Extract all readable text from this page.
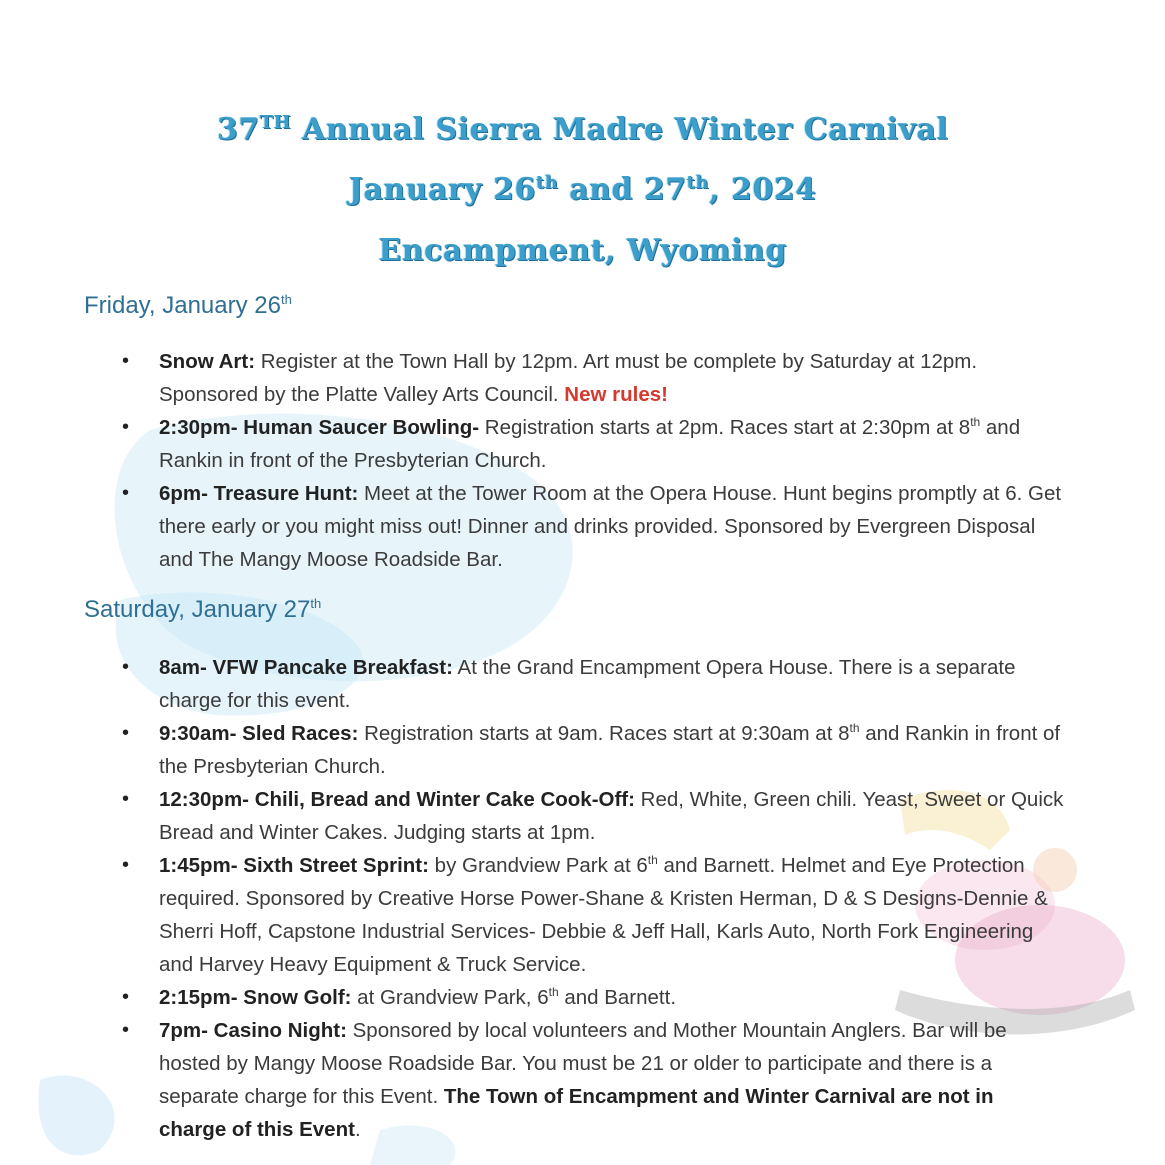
37TH Annual Sierra Madre Winter Carnival
January 26th and 27th, 2024
Encampment, Wyoming
Friday, January 26th
• Snow Art: Register at the Town Hall by 12pm. Art must be complete by Saturday at 12pm. Sponsored by the Platte Valley Arts Council. New rules!
• 2:30pm- Human Saucer Bowling- Registration starts at 2pm. Races start at 2:30pm at 8th and Rankin in front of the Presbyterian Church.
• 6pm- Treasure Hunt: Meet at the Tower Room at the Opera House. Hunt begins promptly at 6. Get there early or you might miss out! Dinner and drinks provided. Sponsored by Evergreen Disposal and The Mangy Moose Roadside Bar.
Saturday, January 27th
• 8am- VFW Pancake Breakfast: At the Grand Encampment Opera House. There is a separate charge for this event.
• 9:30am- Sled Races: Registration starts at 9am. Races start at 9:30am at 8th and Rankin in front of the Presbyterian Church.
• 12:30pm- Chili, Bread and Winter Cake Cook-Off: Red, White, Green chili. Yeast, Sweet or Quick Bread and Winter Cakes. Judging starts at 1pm.
• 1:45pm- Sixth Street Sprint: by Grandview Park at 6th and Barnett. Helmet and Eye Protection required. Sponsored by Creative Horse Power-Shane & Kristen Herman, D & S Designs-Dennie & Sherri Hoff, Capstone Industrial Services- Debbie & Jeff Hall, Karls Auto, North Fork Engineering and Harvey Heavy Equipment & Truck Service.
• 2:15pm- Snow Golf: at Grandview Park, 6th and Barnett.
• 7pm- Casino Night: Sponsored by local volunteers and Mother Mountain Anglers. Bar will be hosted by Mangy Moose Roadside Bar. You must be 21 or older to participate and there is a separate charge for this Event. The Town of Encampment and Winter Carnival are not in charge of this Event.
